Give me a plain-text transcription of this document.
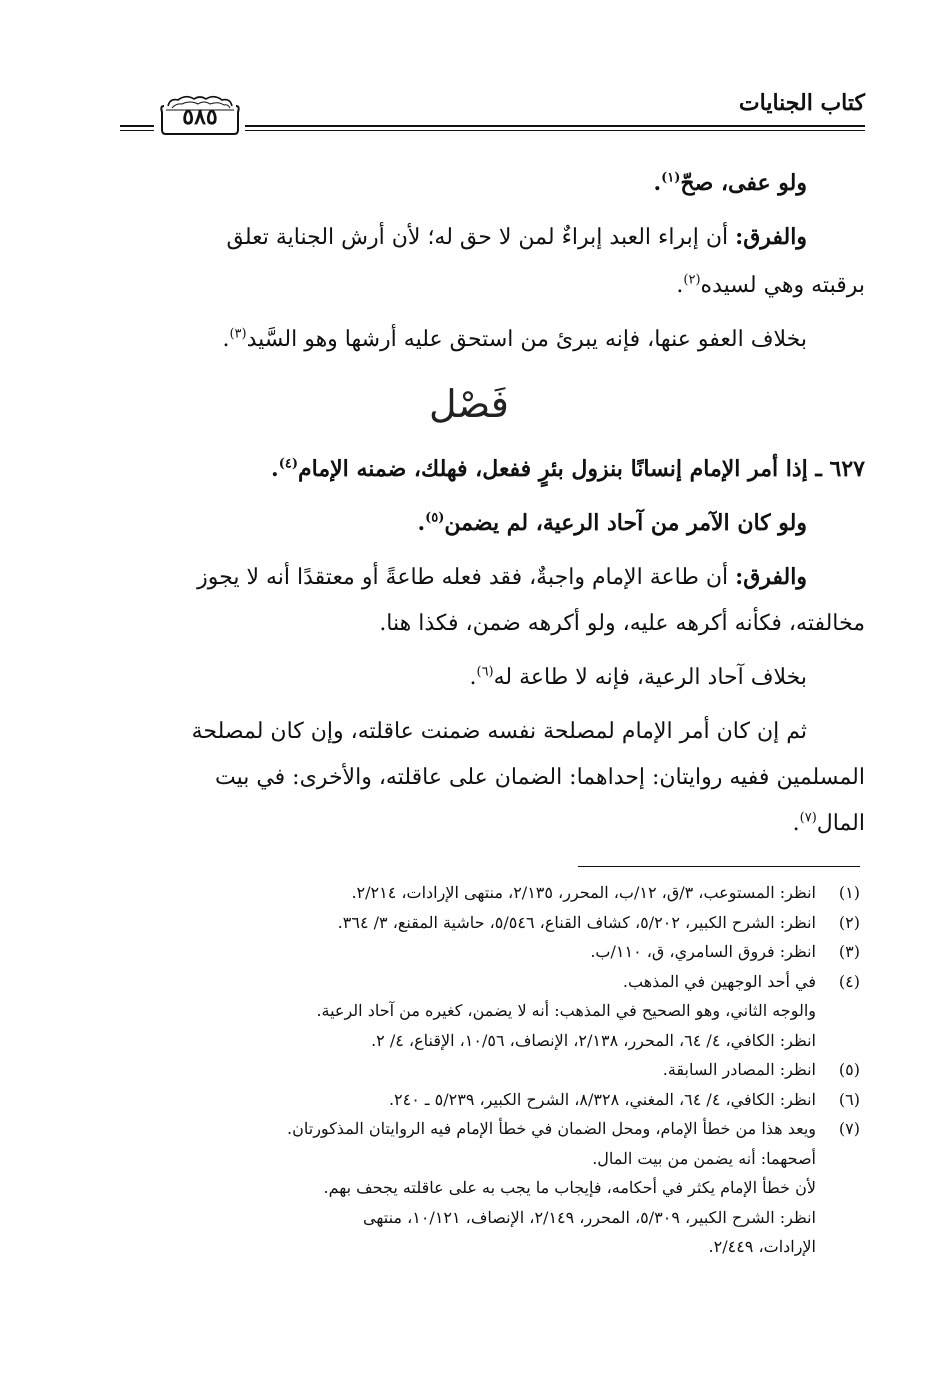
كتاب الجنايات
٥٨٥

ولو عفى، صحّ$^{(١)}$.

والفرق: أن إبراء العبد إبراءٌ لمن لا حق له؛ لأن أرش الجناية تعلق

برقبته وهي لسيده$^{(٢)}$.

بخلاف العفو عنها، فإنه يبرئ من استحق عليه أرشها وهو السَّيد$^{(٣)}$.

٦٢٧ ـ إذا أمر الإمام إنسانًا بنزول بئرٍ ففعل، فهلك، ضمنه الإمام$^{(٤)}$.

ولو كان الآمر من آحاد الرعية، لم يضمن$^{(٥)}$.

والفرق: أن طاعة الإمام واجبةٌ، فقد فعله طاعةً أو معتقدًا أنه لا يجوز

مخالفته، فكأنه أكرهه عليه، ولو أكرهه ضمن، فكذا هنا.

بخلاف آحاد الرعية، فإنه لا طاعة له$^{(٦)}$.

ثم إن كان أمر الإمام لمصلحة نفسه ضمنت عاقلته، وإن كان لمصلحة

المسلمين ففيه روايتان: إحداهما: الضمان على عاقلته، والأخرى: في بيت

المال$^{(٧)}$.

فَصْل
(١)
انظر: المستوعب، ٣/ق، ١٢/ب، المحرر، ٢/١٣٥، منتهى الإرادات، ٢/٢١٤.
(٢)
انظر: الشرح الكبير، ٥/٢٠٢، كشاف القناع، ٥/٥٤٦، حاشية المقنع، ٣/ ٣٦٤.
(٣)
انظر: فروق السامري، ق، ١١٠/ب.
(٤)
في أحد الوجهين في المذهب.
والوجه الثاني، وهو الصحيح في المذهب: أنه لا يضمن، كغيره من آحاد الرعية.
انظر: الكافي، ٤/ ٦٤، المحرر، ٢/١٣٨، الإنصاف، ١٠/٥٦، الإقناع، ٤/ ٢.
(٥)
انظر: المصادر السابقة.
(٦)
انظر: الكافي، ٤/ ٦٤، المغني، ٨/٣٢٨، الشرح الكبير، ٥/٢٣٩ ـ ٢٤٠.
(٧)
ويعد هذا من خطأ الإمام، ومحل الضمان في خطأ الإمام فيه الروايتان المذكورتان.
أصحهما: أنه يضمن من بيت المال.
لأن خطأ الإمام يكثر في أحكامه، فإيجاب ما يجب به على عاقلته يجحف بهم.
انظر: الشرح الكبير، ٥/٣٠٩، المحرر، ٢/١٤٩، الإنصاف، ١٠/١٢١، منتهى
الإرادات، ٢/٤٤٩.
